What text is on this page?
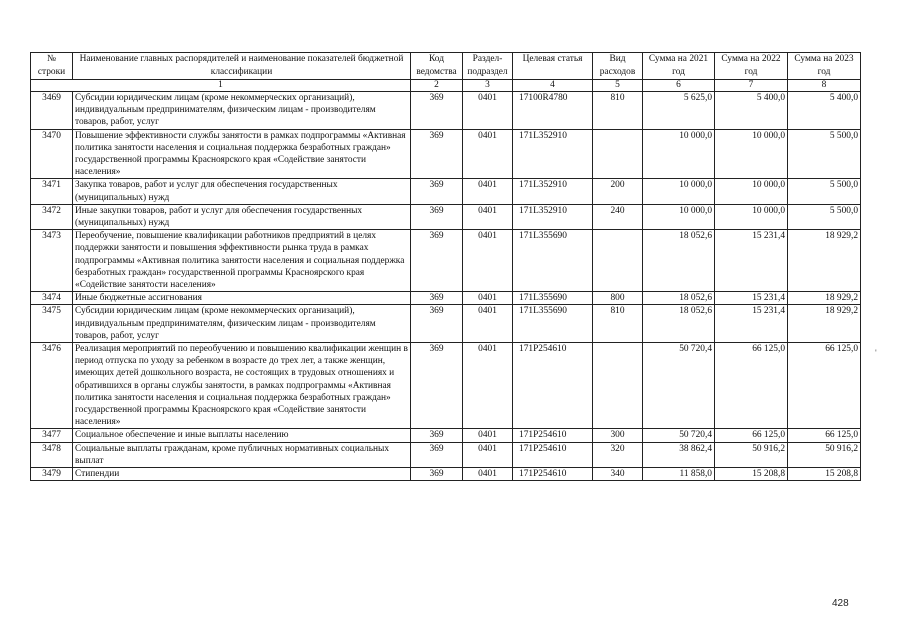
№ строки	Наименование главных распорядителей и наименование показателей бюджетной классификации	Код ведомства	Раздел-подраздел	Целевая статья	Вид расходов	Сумма на 2021 год	Сумма на 2022 год	Сумма на 2023 год
1		2	3	4	5	6	7	8
3469	Субсидии юридическим лицам (кроме некоммерческих организаций), индивидуальным предпринимателям, физическим лицам - производителям товаров, работ, услуг	369	0401	17100R4780	810	5 625,0	5 400,0	5 400,0
3470	Повышение эффективности службы занятости в рамках подпрограммы «Активная политика занятости населения и социальная поддержка безработных граждан» государственной программы Красноярского края «Содействие занятости населения»	369	0401	171L352910		10 000,0	10 000,0	5 500,0
3471	Закупка товаров, работ и услуг для обеспечения государственных (муниципальных) нужд	369	0401	171L352910	200	10 000,0	10 000,0	5 500,0
3472	Иные закупки товаров, работ и услуг для обеспечения государственных (муниципальных) нужд	369	0401	171L352910	240	10 000,0	10 000,0	5 500,0
3473	Переобучение, повышение квалификации работников предприятий в целях поддержки занятости и повышения эффективности рынка труда в рамках подпрограммы «Активная политика занятости населения и социальная поддержка безработных граждан» государственной программы Красноярского края «Содействие занятости населения»	369	0401	171L355690		18 052,6	15 231,4	18 929,2
3474	Иные бюджетные ассигнования	369	0401	171L355690	800	18 052,6	15 231,4	18 929,2
3475	Субсидии юридическим лицам (кроме некоммерческих организаций), индивидуальным предпринимателям, физическим лицам - производителям товаров, работ, услуг	369	0401	171L355690	810	18 052,6	15 231,4	18 929,2
3476	Реализация мероприятий по переобучению и повышению квалификации женщин в период отпуска по уходу за ребенком в возрасте до трех лет, а также женщин, имеющих детей дошкольного возраста, не состоящих в трудовых отношениях и обратившихся в органы службы занятости, в рамках подпрограммы «Активная политика занятости населения и социальная поддержка безработных граждан» государственной программы Красноярского края «Содействие занятости населения»	369	0401	171P254610		50 720,4	66 125,0	66 125,0
3477	Социальное обеспечение и иные выплаты населению	369	0401	171P254610	300	50 720,4	66 125,0	66 125,0
3478	Социальные выплаты гражданам, кроме публичных нормативных социальных выплат	369	0401	171P254610	320	38 862,4	50 916,2	50 916,2
3479	Стипендии	369	0401	171P254610	340	11 858,0	15 208,8	15 208,8
428
'
